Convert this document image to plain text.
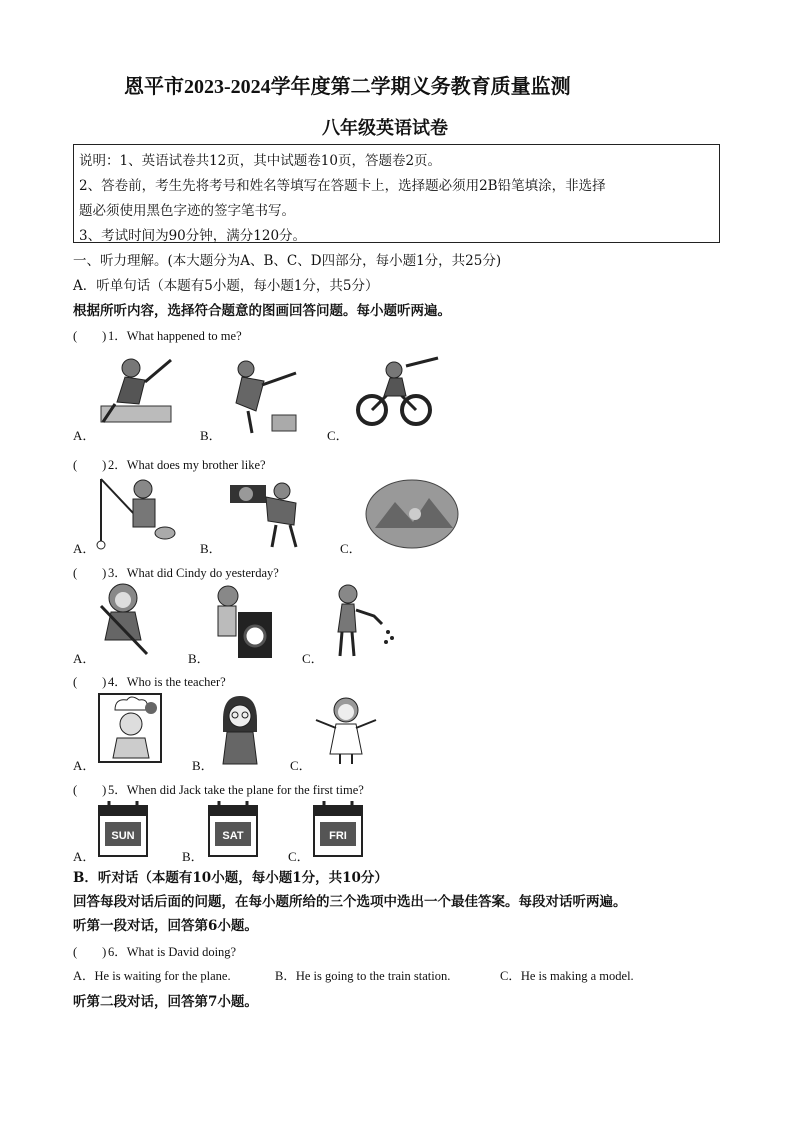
恩平市2023-2024学年度第二学期义务教育质量监测
八年级英语试卷
说明：1、英语试卷共12页，其中试题卷10页，答题卷2页。
2、答卷前，考生先将考号和姓名等填写在答题卡上，选择题必须用2B铅笔填涂，非选择
题必须使用黑色字迹的签字笔书写。
3、考试时间为90分钟，满分120分。
一、听力理解。(本大题分为A、B、C、D四部分，每小题1分，共25分)
A．听单句话（本题有5小题，每小题1分，共5分）
根据所听内容，选择符合题意的图画回答问题。每小题听两遍。
(　　) 1．What happened to me?
A．	B．	C．
(　　) 2．What does my brother like?
A．	B．	C．
(　　) 3．What did Cindy do yesterday?
A．	B．	C．
(　　) 4．Who is the teacher?
A．	B．	C．
(　　) 5．When did Jack take the plane for the first time?
SUN	SAT	FRI
A．	B．	C．
B．听对话（本题有10小题，每小题1分，共10分）
回答每段对话后面的问题，在每小题所给的三个选项中选出一个最佳答案。每段对话听两遍。
听第一段对话，回答第6小题。
(　　) 6．What is David doing?
A．He is waiting for the plane.	B．He is going to the train station.	C．He is making a model.
听第二段对话，回答第7小题。
